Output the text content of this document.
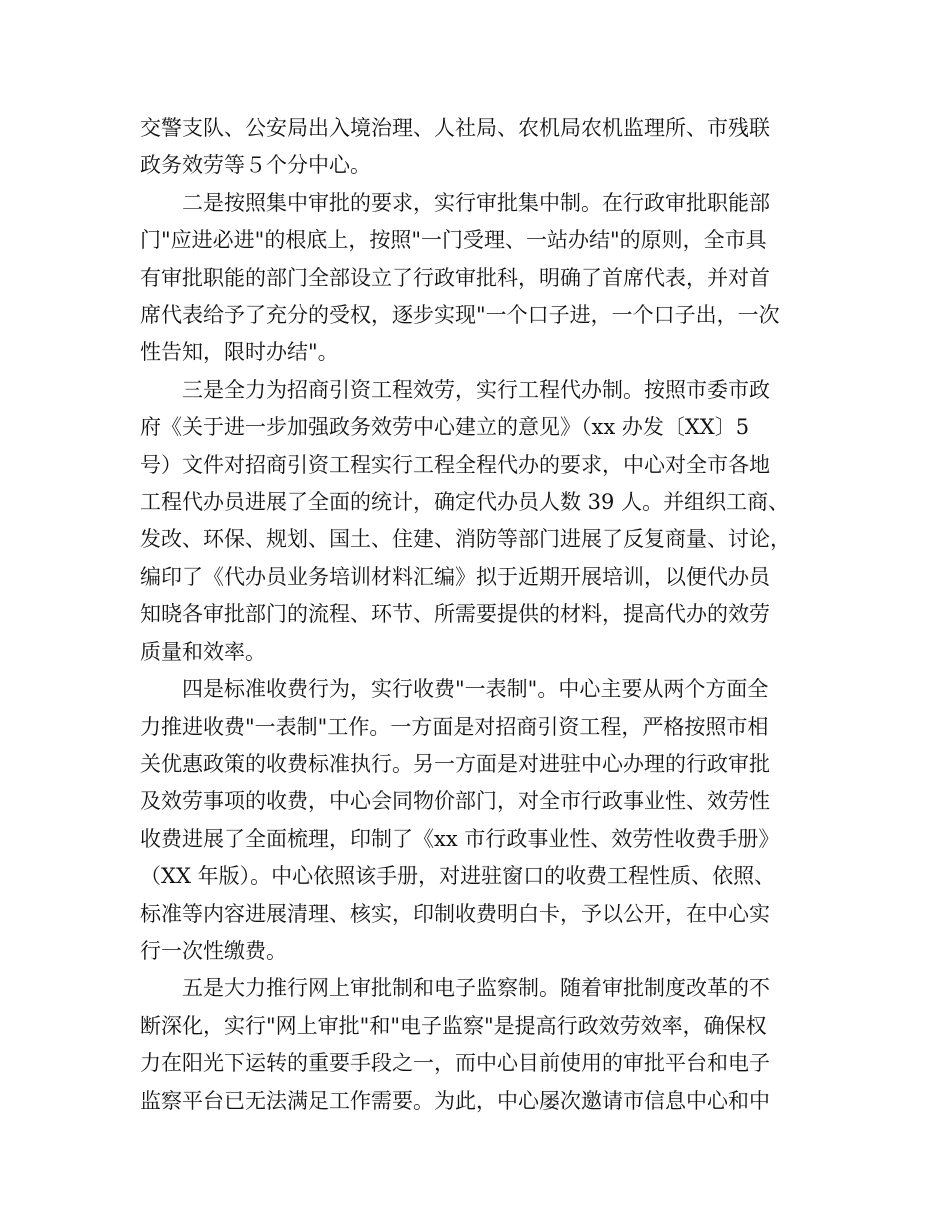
交警支队、公安局出入境治理、人社局、农机局农机监理所、市残联
政务效劳等５个分中心。

二是按照集中审批的要求，实行审批集中制。在行政审批职能部
门"应进必进"的根底上，按照"一门受理、一站办结"的原则，全市具
有审批职能的部门全部设立了行政审批科，明确了首席代表，并对首
席代表给予了充分的受权，逐步实现"一个口子进，一个口子出，一次
性告知，限时办结"。

三是全力为招商引资工程效劳，实行工程代办制。按照市委市政
府《关于进一步加强政务效劳中心建立的意见》（xx 办发〔XX〕5
号）文件对招商引资工程实行工程全程代办的要求，中心对全市各地
工程代办员进展了全面的统计，确定代办员人数 39 人。并组织工商、
发改、环保、规划、国土、住建、消防等部门进展了反复商量、讨论，
编印了《代办员业务培训材料汇编》拟于近期开展培训，以便代办员
知晓各审批部门的流程、环节、所需要提供的材料，提高代办的效劳
质量和效率。

四是标准收费行为，实行收费"一表制"。中心主要从两个方面全
力推进收费"一表制"工作。一方面是对招商引资工程，严格按照市相
关优惠政策的收费标准执行。另一方面是对进驻中心办理的行政审批
及效劳事项的收费，中心会同物价部门，对全市行政事业性、效劳性
收费进展了全面梳理，印制了《xx 市行政事业性、效劳性收费手册》
（XX 年版）。中心依照该手册，对进驻窗口的收费工程性质、依照、
标准等内容进展清理、核实，印制收费明白卡，予以公开，在中心实
行一次性缴费。

五是大力推行网上审批制和电子监察制。随着审批制度改革的不
断深化，实行"网上审批"和"电子监察"是提高行政效劳效率，确保权
力在阳光下运转的重要手段之一，而中心目前使用的审批平台和电子
监察平台已无法满足工作需要。为此，中心屡次邀请市信息中心和中
